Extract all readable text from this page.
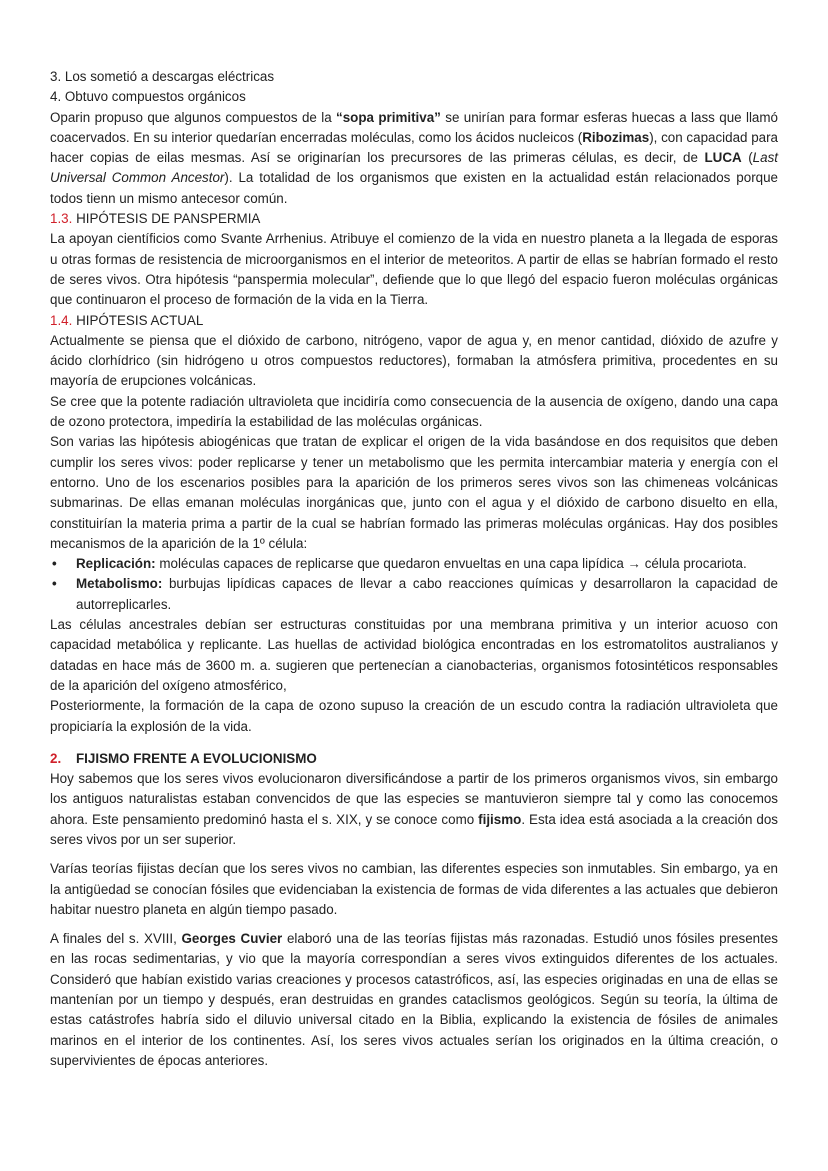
3. Los sometió a descargas eléctricas

4. Obtuvo compuestos orgánicos

Oparin propuso que algunos compuestos de la “sopa primitiva” se unirían para formar esferas huecas a lass que llamó coacervados. En su interior quedarían encerradas moléculas, como los ácidos nucleicos (Ribozimas), con capacidad para hacer copias de eilas mesmas. Así se originarían los precursores de las primeras células, es decir, de LUCA (Last Universal Common Ancestor). La totalidad de los organismos que existen en la actualidad están relacionados porque todos tienn un mismo antecesor común.

1.3. HIPÓTESIS DE PANSPERMIA

La apoyan científicios como Svante Arrhenius. Atribuye el comienzo de la vida en nuestro planeta a la llegada de esporas u otras formas de resistencia de microorganismos en el interior de meteoritos. A partir de ellas se habrían formado el resto de seres vivos. Otra hipótesis “panspermia molecular”, defiende que lo que llegó del espacio fueron moléculas orgánicas que continuaron el proceso de formación de la vida en la Tierra.

1.4. HIPÓTESIS ACTUAL

Actualmente se piensa que el dióxido de carbono, nitrógeno, vapor de agua y, en menor cantidad, dióxido de azufre y ácido clorhídrico (sin hidrógeno u otros compuestos reductores), formaban la atmósfera primitiva, procedentes en su mayoría de erupciones volcánicas.

Se cree que la potente radiación ultravioleta que incidiría como consecuencia de la ausencia de oxígeno, dando una capa de ozono protectora, impediría la estabilidad de las moléculas orgánicas.

Son varias las hipótesis abiogénicas que tratan de explicar el origen de la vida basándose en dos requisitos que deben cumplir los seres vivos: poder replicarse y tener un metabolismo que les permita intercambiar materia y energía con el entorno. Uno de los escenarios posibles para la aparición de los primeros seres vivos son las chimeneas volcánicas submarinas. De ellas emanan moléculas inorgánicas que, junto con el agua y el dióxido de carbono disuelto en ella, constituirían la materia prima a partir de la cual se habrían formado las primeras moléculas orgánicas. Hay dos posibles mecanismos de la aparición de la 1º célula:

• Replicación: moléculas capaces de replicarse que quedaron envueltas en una capa lipídica → célula procariota.
• Metabolismo: burbujas lipídicas capaces de llevar a cabo reacciones químicas y desarrollaron la capacidad de autorreplicarles.

Las células ancestrales debían ser estructuras constituidas por una membrana primitiva y un interior acuoso con capacidad metabólica y replicante. Las huellas de actividad biológica encontradas en los estromatolitos australianos y datadas en hace más de 3600 m. a. sugieren que pertenecían a cianobacterias, organismos fotosintéticos responsables de la aparición del oxígeno atmosférico,

Posteriormente, la formación de la capa de ozono supuso la creación de un escudo contra la radiación ultravioleta que propiciaría la explosión de la vida.

2. FIJISMO FRENTE A EVOLUCIONISMO

Hoy sabemos que los seres vivos evolucionaron diversificándose a partir de los primeros organismos vivos, sin embargo los antiguos naturalistas estaban convencidos de que las especies se mantuvieron siempre tal y como las conocemos ahora. Este pensamiento predominó hasta el s. XIX, y se conoce como fijismo. Esta idea está asociada a la creación dos seres vivos por un ser superior.

Varías teorías fijistas decían que los seres vivos no cambian, las diferentes especies son inmutables. Sin embargo, ya en la antigüedad se conocían fósiles que evidenciaban la existencia de formas de vida diferentes a las actuales que debieron habitar nuestro planeta en algún tiempo pasado.

A finales del s. XVIII, Georges Cuvier elaboró una de las teorías fijistas más razonadas. Estudió unos fósiles presentes en las rocas sedimentarias, y vio que la mayoría correspondían a seres vivos extinguidos diferentes de los actuales. Consideró que habían existido varias creaciones y procesos catastróficos, así, las especies originadas en una de ellas se mantenían por un tiempo y después, eran destruidas en grandes cataclismos geológicos. Según su teoría, la última de estas catástrofes habría sido el diluvio universal citado en la Biblia, explicando la existencia de fósiles de animales marinos en el interior de los continentes. Así, los seres vivos actuales serían los originados en la última creación, o supervivientes de épocas anteriores.
